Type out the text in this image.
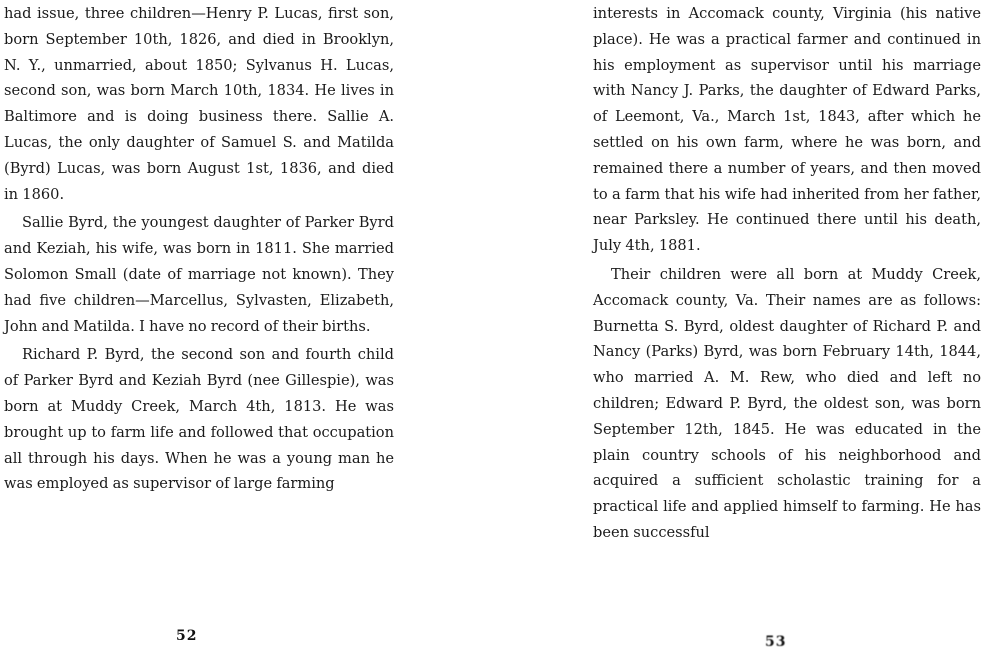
had issue, three children—Henry P. Lucas, first son, born September 10th, 1826, and died in Brooklyn, N. Y., unmarried, about 1850; Sylvanus H. Lucas, second son, was born March 10th, 1834. He lives in Baltimore and is doing business there. Sallie A. Lucas, the only daughter of Samuel S. and Matilda (Byrd) Lucas, was born August 1st, 1836, and died in 1860.

Sallie Byrd, the youngest daughter of Parker Byrd and Keziah, his wife, was born in 1811. She married Solomon Small (date of marriage not known). They had five children—Marcellus, Sylvasten, Elizabeth, John and Matilda. I have no record of their births.

Richard P. Byrd, the second son and fourth child of Parker Byrd and Keziah Byrd (nee Gillespie), was born at Muddy Creek, March 4th, 1813. He was brought up to farm life and followed that occupation all through his days. When he was a young man he was employed as supervisor of large farming

52

interests in Accomack county, Virginia (his native place). He was a practical farmer and continued in his employment as supervisor until his marriage with Nancy J. Parks, the daughter of Edward Parks, of Leemont, Va., March 1st, 1843, after which he settled on his own farm, where he was born, and remained there a number of years, and then moved to a farm that his wife had inherited from her father, near Parksley. He continued there until his death, July 4th, 1881.

Their children were all born at Muddy Creek, Accomack county, Va. Their names are as follows: Burnetta S. Byrd, oldest daughter of Richard P. and Nancy (Parks) Byrd, was born February 14th, 1844, who married A. M. Rew, who died and left no children; Edward P. Byrd, the oldest son, was born September 12th, 1845. He was educated in the plain country schools of his neighborhood and acquired a sufficient scholastic training for a practical life and applied himself to farming. He has been successful

53
